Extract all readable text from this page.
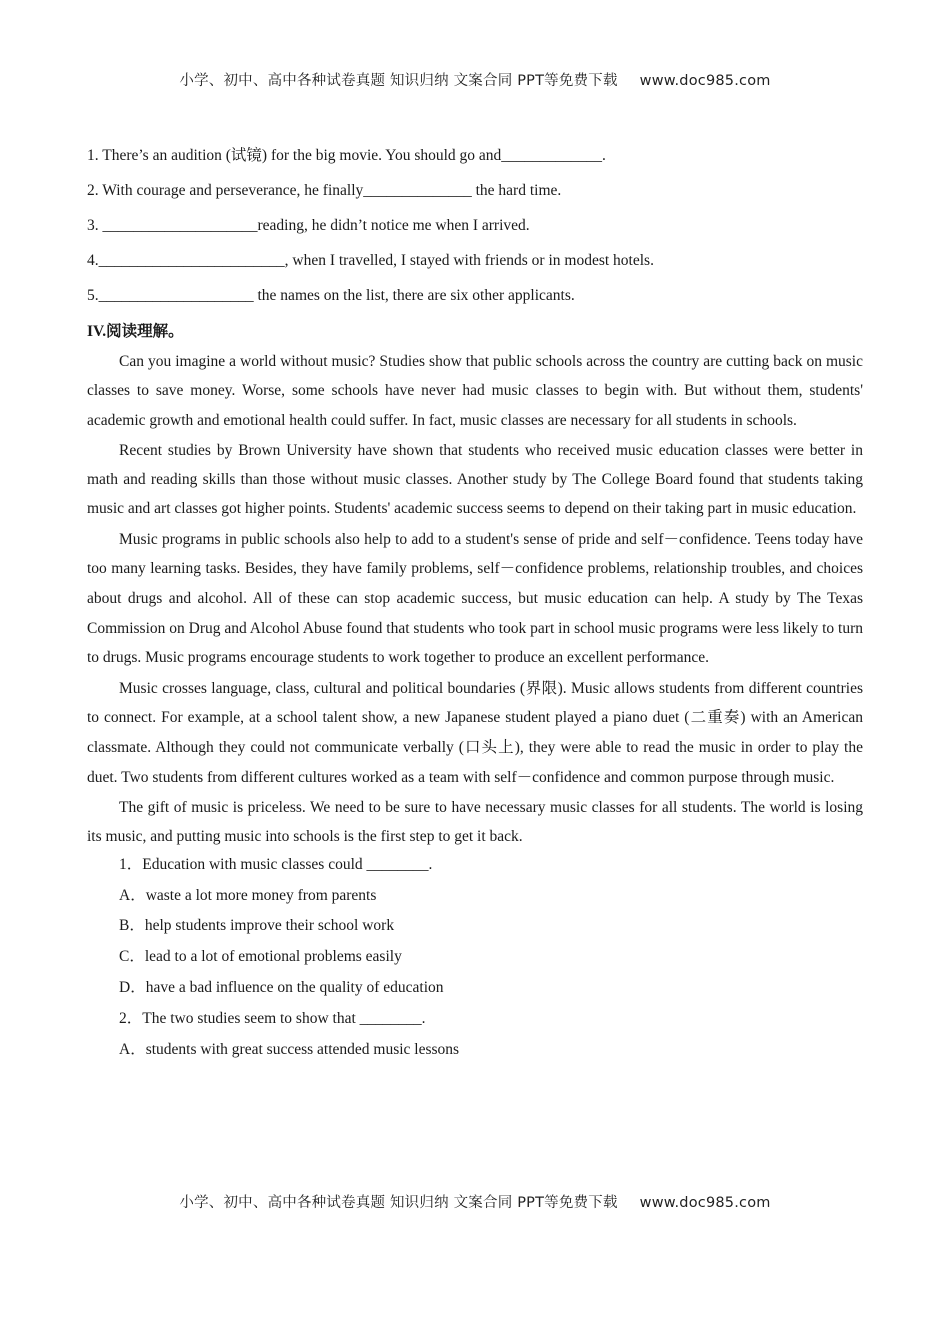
小学、初中、高中各种试卷真题 知识归纳 文案合同 PPT等免费下载 www.doc985.com
1. There’s an audition (试镜) for the big movie. You should go and_____________.
2. With courage and perseverance, he finally______________ the hard time.
3. ____________________reading, he didn’t notice me when I arrived.
4.________________________, when I travelled, I stayed with friends or in modest hotels.
5.____________________ the names on the list, there are six other applicants.
IV.阅读理解。

Can you imagine a world without music? Studies show that public schools across the country are cutting back on music classes to save money. Worse, some schools have never had music classes to begin with. But without them, students' academic growth and emotional health could suffer. In fact, music classes are necessary for all students in schools.

Recent studies by Brown University have shown that students who received music education classes were better in math and reading skills than those without music classes. Another study by The College Board found that students taking music and art classes got higher points. Students' academic success seems to depend on their taking part in music education.

Music programs in public schools also help to add to a student's sense of pride and self－confidence. Teens today have too many learning tasks. Besides, they have family problems, self－confidence problems, relationship troubles, and choices about drugs and alcohol. All of these can stop academic success, but music education can help. A study by The Texas Commission on Drug and Alcohol Abuse found that students who took part in school music programs were less likely to turn to drugs. Music programs encourage students to work together to produce an excellent performance.

Music crosses language, class, cultural and political boundaries (界限). Music allows students from different countries to connect. For example, at a school talent show, a new Japanese student played a piano duet (二重奏) with an American classmate. Although they could not communicate verbally (口头上), they were able to read the music in order to play the duet. Two students from different cultures worked as a team with self－confidence and common purpose through music.

The gift of music is priceless. We need to be sure to have necessary music classes for all students. The world is losing its music, and putting music into schools is the first step to get it back.

1．Education with music classes could ________.
A．waste a lot more money from parents
B．help students improve their school work
C．lead to a lot of emotional problems easily
D．have a bad influence on the quality of education
2．The two studies seem to show that ________.
A．students with great success attended music lessons
小学、初中、高中各种试卷真题 知识归纳 文案合同 PPT等免费下载 www.doc985.com
